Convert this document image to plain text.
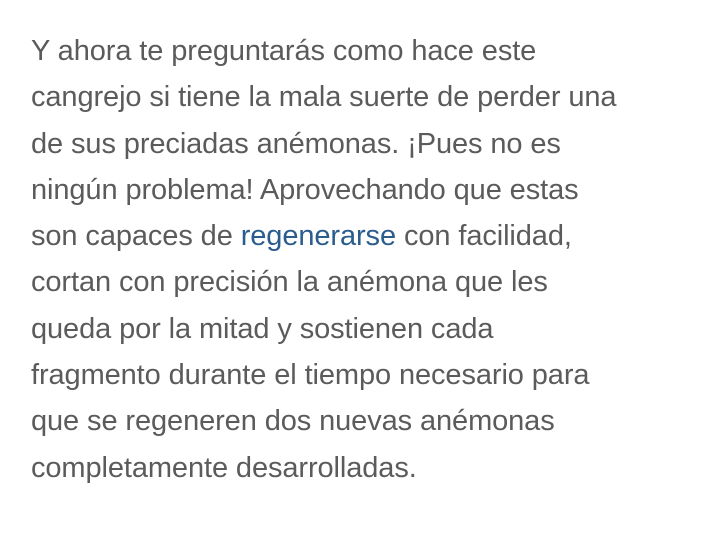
Y ahora te preguntarás como hace este
cangrejo si tiene la mala suerte de perder una
de sus preciadas anémonas. ¡Pues no es
ningún problema! Aprovechando que estas
son capaces de regenerarse con facilidad,
cortan con precisión la anémona que les
queda por la mitad y sostienen cada
fragmento durante el tiempo necesario para
que se regeneren dos nuevas anémonas
completamente desarrolladas.
